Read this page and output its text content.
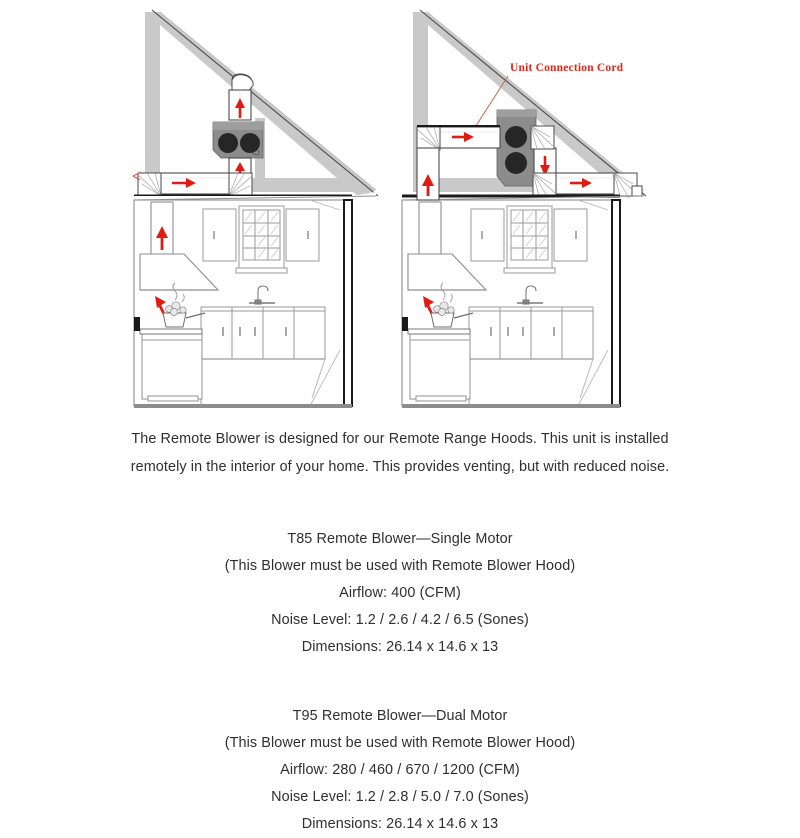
Unit Connection Cord
The Remote Blower is designed for our Remote Range Hoods. This unit is installed
remotely in the interior of your home. This provides venting, but with reduced noise.
T85 Remote Blower—Single Motor
(This Blower must be used with Remote Blower Hood)
Airflow: 400 (CFM)
Noise Level: 1.2 / 2.6 / 4.2 / 6.5 (Sones)
Dimensions: 26.14 x 14.6 x 13
T95 Remote Blower—Dual Motor
(This Blower must be used with Remote Blower Hood)
Airflow: 280 / 460 / 670 / 1200 (CFM)
Noise Level: 1.2 / 2.8 / 5.0 / 7.0 (Sones)
Dimensions: 26.14 x 14.6 x 13
